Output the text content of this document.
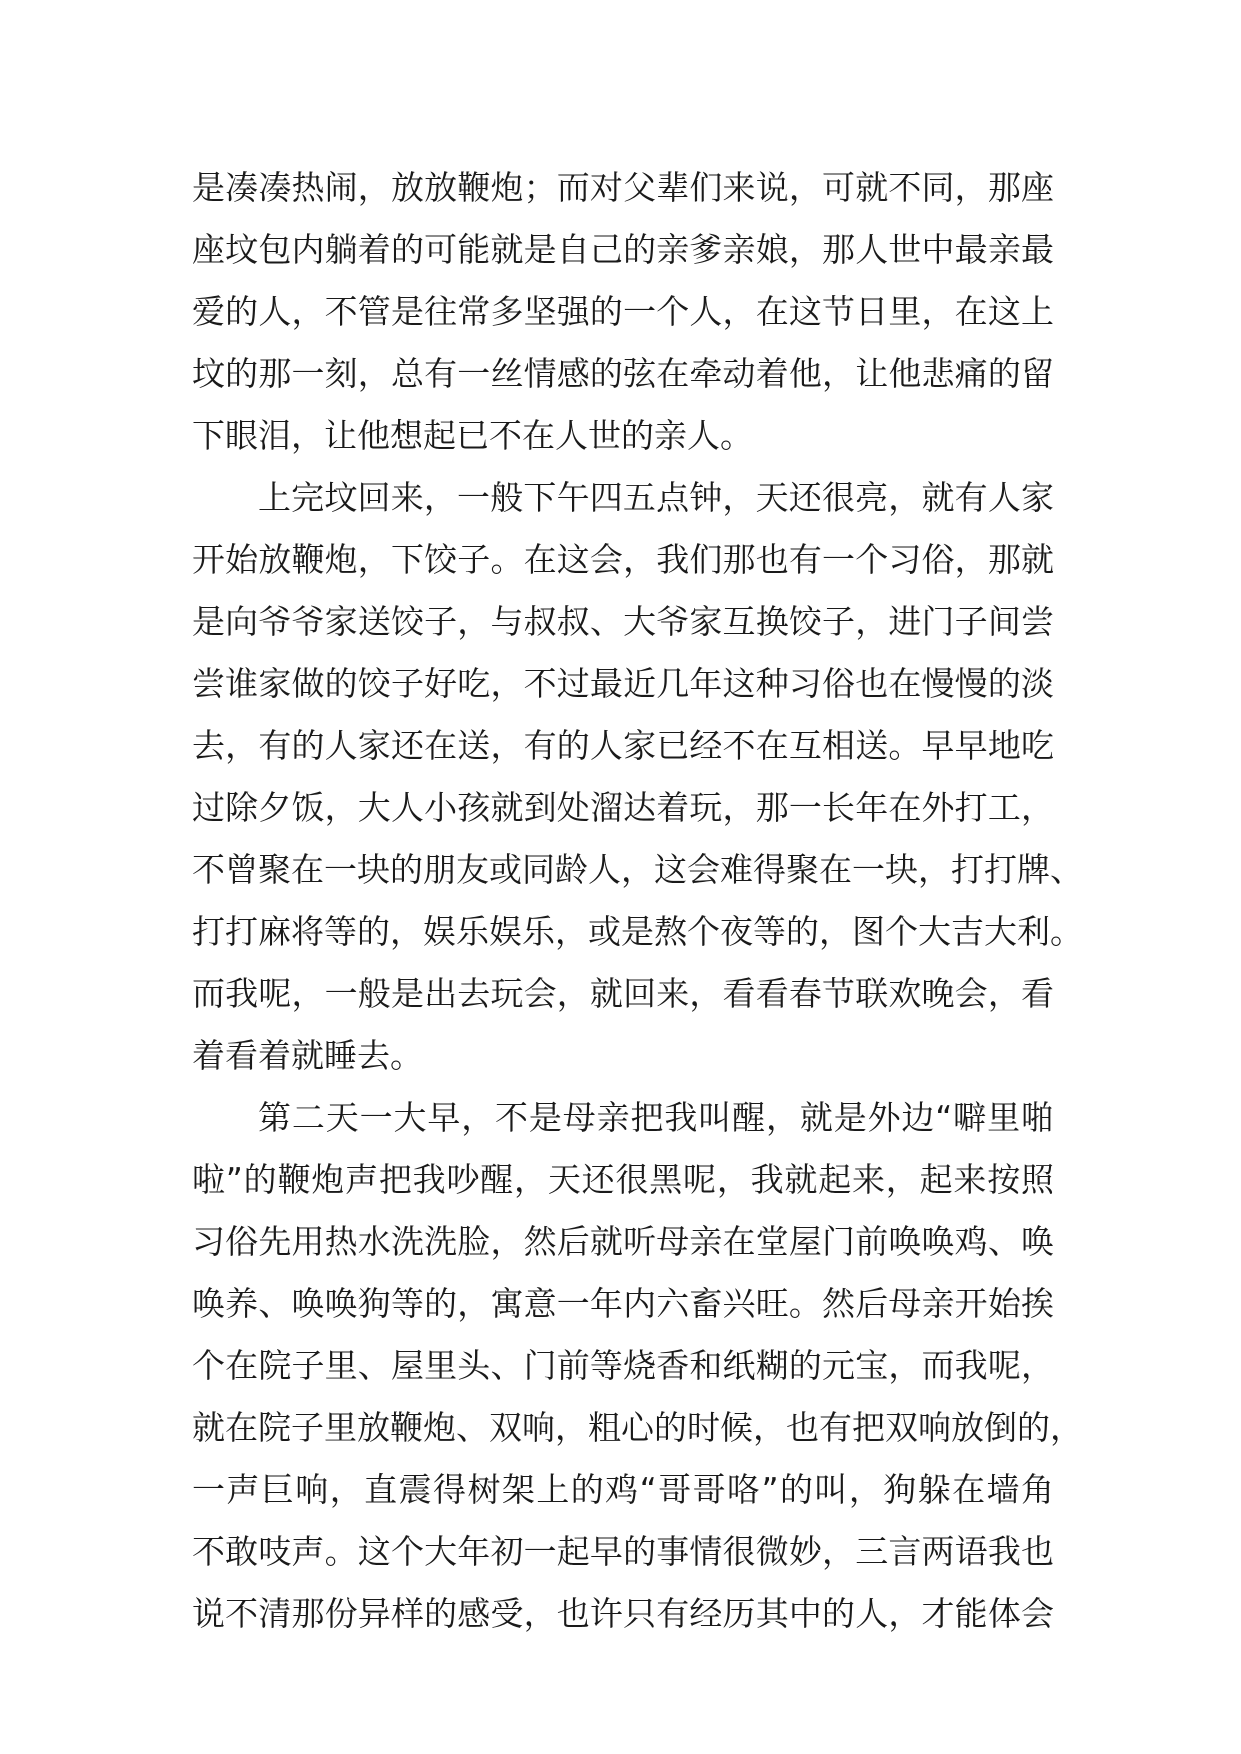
是凑凑热闹，放放鞭炮；而对父辈们来说，可就不同，那座
座坟包内躺着的可能就是自己的亲爹亲娘，那人世中最亲最
爱的人，不管是往常多坚强的一个人，在这节日里，在这上
坟的那一刻，总有一丝情感的弦在牵动着他，让他悲痛的留
下眼泪，让他想起已不在人世的亲人。
上完坟回来，一般下午四五点钟，天还很亮，就有人家
开始放鞭炮，下饺子。在这会，我们那也有一个习俗，那就
是向爷爷家送饺子，与叔叔、大爷家互换饺子，进门子间尝
尝谁家做的饺子好吃，不过最近几年这种习俗也在慢慢的淡
去，有的人家还在送，有的人家已经不在互相送。早早地吃
过除夕饭，大人小孩就到处溜达着玩，那一长年在外打工，
不曾聚在一块的朋友或同龄人，这会难得聚在一块，打打牌、
打打麻将等的，娱乐娱乐，或是熬个夜等的，图个大吉大利。
而我呢，一般是出去玩会，就回来，看看春节联欢晚会，看
着看着就睡去。
第二天一大早，不是母亲把我叫醒，就是外边“噼里啪
啦”的鞭炮声把我吵醒，天还很黑呢，我就起来，起来按照
习俗先用热水洗洗脸，然后就听母亲在堂屋门前唤唤鸡、唤
唤养、唤唤狗等的，寓意一年内六畜兴旺。然后母亲开始挨
个在院子里、屋里头、门前等烧香和纸糊的元宝，而我呢，
就在院子里放鞭炮、双响，粗心的时候，也有把双响放倒的，
一声巨响，直震得树架上的鸡“哥哥咯”的叫，狗躲在墙角
不敢吱声。这个大年初一起早的事情很微妙，三言两语我也
说不清那份异样的感受，也许只有经历其中的人，才能体会
